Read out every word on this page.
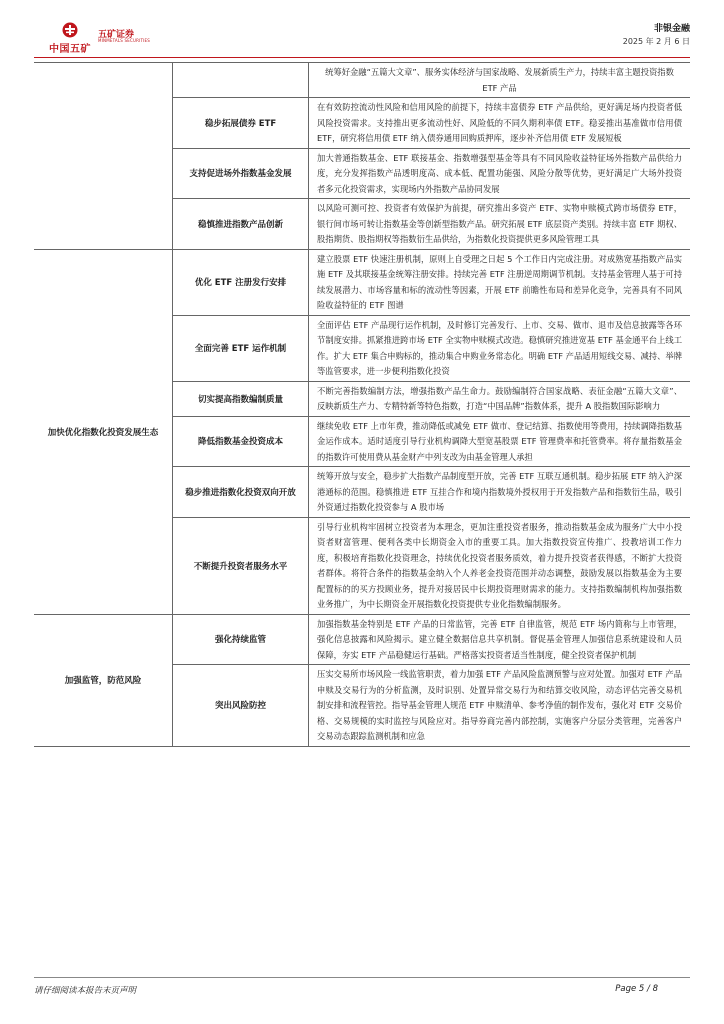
中国五矿
五矿证券
MINMETALS SECURITIES
非银金融
2025 年 2 月 6 日
统筹好金融“五篇大文章”、服务实体经济与国家战略、发展新质生产力，持续丰富主题投资指数 ETF 产品
稳步拓展债券 ETF
在有效防控流动性风险和信用风险的前提下，持续丰富债券 ETF 产品供给，更好满足场内投资者低风险投资需求。支持推出更多流动性好、风险低的不同久期利率债 ETF。稳妥推出基准做市信用债 ETF，研究将信用债 ETF 纳入债券通用回购质押库，逐步补齐信用债 ETF 发展短板
支持促进场外指数基金发展
加大普通指数基金、ETF 联接基金、指数增强型基金等具有不同风险收益特征场外指数产品供给力度，充分发挥指数产品透明度高、成本低、配置功能强、风险分散等优势，更好满足广大场外投资者多元化投资需求，实现场内外指数产品协同发展
稳慎推进指数产品创新
以风险可测可控、投资者有效保护为前提，研究推出多资产 ETF、实物申赎模式跨市场债券 ETF，银行间市场可转让指数基金等创新型指数产品。研究拓展 ETF 底层资产类别。持续丰富 ETF 期权、股指期货、股指期权等指数衍生品供给，为指数化投资提供更多风险管理工具
加快优化指数化投资发展生态
优化 ETF 注册发行安排
建立股票 ETF 快速注册机制，原则上自受理之日起 5 个工作日内完成注册。对成熟宽基指数产品实施 ETF 及其联接基金统筹注册安排。持续完善 ETF 注册逆周期调节机制。支持基金管理人基于可持续发展潜力、市场容量和标的流动性等因素，开展 ETF 前瞻性布局和差异化竞争，完善具有不同风险收益特征的 ETF 图谱
全面完善 ETF 运作机制
全面评估 ETF 产品现行运作机制，及时修订完善发行、上市、交易、做市、退市及信息披露等各环节制度安排。抓紧推进跨市场 ETF 全实物申赎模式改造。稳慎研究推进宽基 ETF 基金通平台上线工作。扩大 ETF 集合申购标的，推动集合申购业务常态化。明确 ETF 产品适用短线交易、减持、举牌等监管要求，进一步便利指数化投资
切实提高指数编制质量
不断完善指数编制方法，增强指数产品生命力。鼓励编制符合国家战略、表征金融“五篇大文章”、反映新质生产力、专精特新等特色指数，打造“中国品牌”指数体系，提升 A 股指数国际影响力
降低指数基金投资成本
继续免收 ETF 上市年费，推动降低或减免 ETF 做市、登记结算、指数使用等费用，持续调降指数基金运作成本。适时适度引导行业机构调降大型宽基股票 ETF 管理费率和托管费率。将存量指数基金的指数许可使用费从基金财产中列支改为由基金管理人承担
稳步推进指数化投资双向开放
统筹开放与安全，稳步扩大指数产品制度型开放，完善 ETF 互联互通机制。稳步拓展 ETF 纳入沪深港通标的范围。稳慎推进 ETF 互挂合作和境内指数境外授权用于开发指数产品和指数衍生品，吸引外资通过指数化投资参与 A 股市场
不断提升投资者服务水平
引导行业机构牢固树立投资者为本理念，更加注重投资者服务，推动指数基金成为服务广大中小投资者财富管理、便利各类中长期资金入市的重要工具。加大指数投资宣传推广、投教培训工作力度，积极培育指数化投资理念，持续优化投资者服务质效，着力提升投资者获得感，不断扩大投资者群体。将符合条件的指数基金纳入个人养老金投资范围并动态调整，鼓励发展以指数基金为主要配置标的的买方投顾业务，提升对接居民中长期投资理财需求的能力。支持指数编制机构加强指数业务推广，为中长期资金开展指数化投资提供专业化指数编制服务。
加强监管，防范风险
强化持续监管
加强指数基金特别是 ETF 产品的日常监管，完善 ETF 自律监管，规范 ETF 场内简称与上市管理，强化信息披露和风险揭示。建立健全数据信息共享机制。督促基金管理人加强信息系统建设和人员保障，夯实 ETF 产品稳健运行基础。严格落实投资者适当性制度，健全投资者保护机制
突出风险防控
压实交易所市场风险一线监管职责，着力加强 ETF 产品风险监测预警与应对处置。加强对 ETF 产品申赎及交易行为的分析监测，及时识别、处置异常交易行为和结算交收风险，动态评估完善交易机制安排和流程管控。指导基金管理人规范 ETF 申赎清单、参考净值的制作发布，强化对 ETF 交易价格、交易规模的实时监控与风险应对。指导券商完善内部控制，实施客户分层分类管理，完善客户交易动态跟踪监测机制和应急
请仔细阅读本报告末页声明	Page 5 / 8
